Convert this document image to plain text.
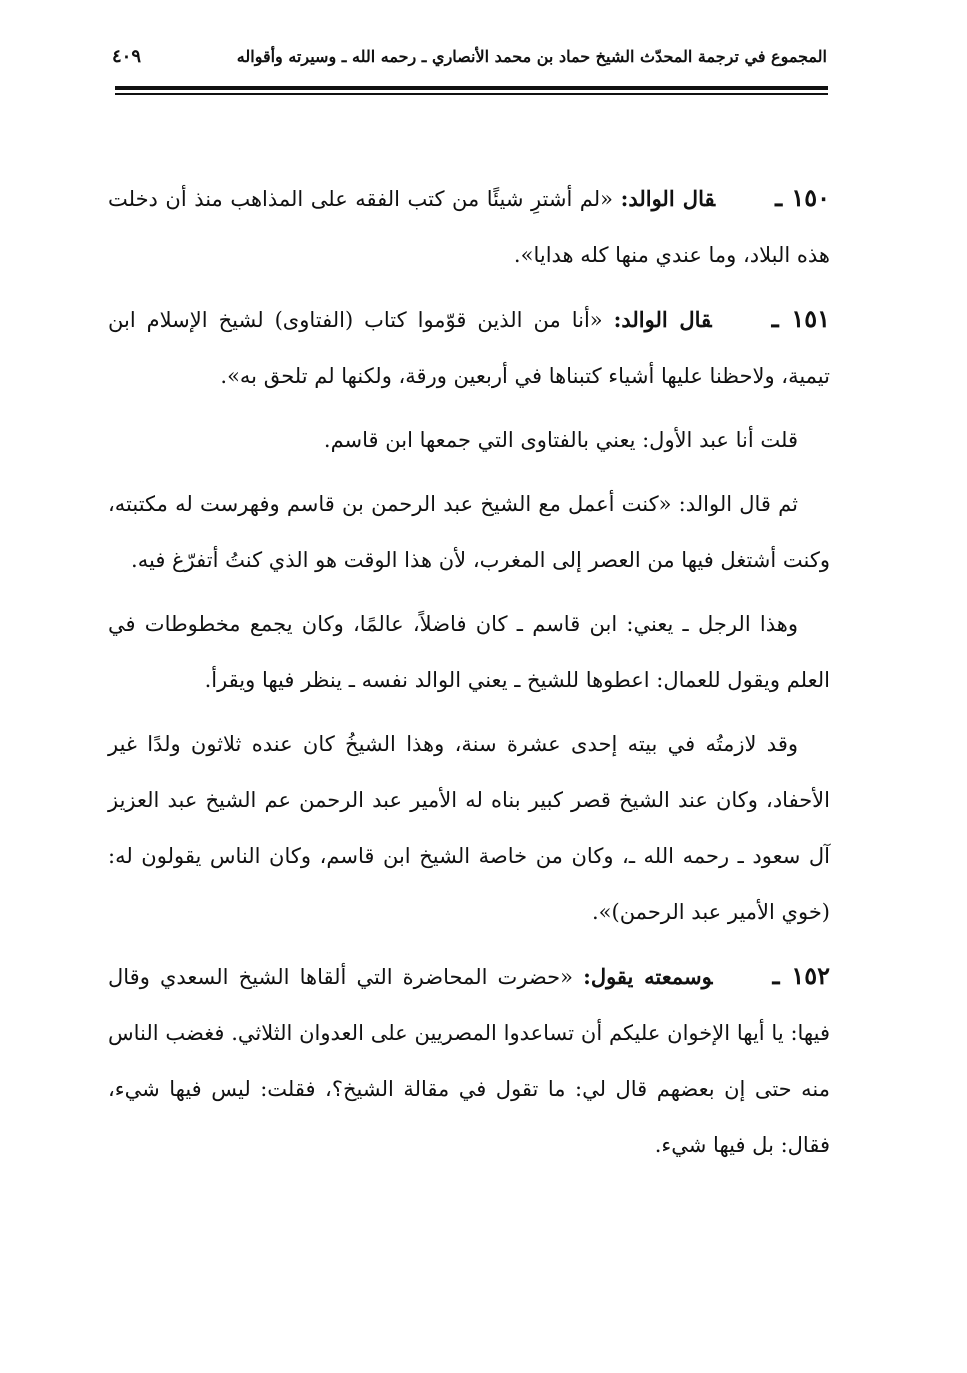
المجموع في ترجمة المحدّث الشيخ حماد بن محمد الأنصاري ـ رحمه الله ـ وسيرته وأقواله
٤٠٩

١٥٠ ـقال الوالد: «لم أشترِ شيئًا من كتب الفقه على المذاهب منذ أن دخلت هذه البلاد، وما عندي منها كله هدايا».

١٥١ ـقال الوالد: «أنا من الذين قوّموا كتاب (الفتاوى) لشيخ الإسلام ابن تيمية، ولاحظنا عليها أشياء كتبناها في أربعين ورقة، ولكنها لم تلحق به».

قلت أنا عبد الأول: يعني بالفتاوى التي جمعها ابن قاسم.

ثم قال الوالد: «كنت أعمل مع الشيخ عبد الرحمن بن قاسم وفهرست له مكتبته، وكنت أشتغل فيها من العصر إلى المغرب، لأن هذا الوقت هو الذي كنتُ أتفرّغ فيه.

وهذا الرجل ـ يعني: ابن قاسم ـ كان فاضلاً، عالمًا، وكان يجمع مخطوطات في العلم ويقول للعمال: اعطوها للشيخ ـ يعني الوالد نفسه ـ ينظر فيها ويقرأ.

وقد لازمتُه في بيته إحدى عشرة سنة، وهذا الشيخُ كان عنده ثلاثون ولدًا غير الأحفاد، وكان عند الشيخ قصر كبير بناه له الأمير عبد الرحمن عم الشيخ عبد العزيز آل سعود ـ رحمه الله ـ، وكان من خاصة الشيخ ابن قاسم، وكان الناس يقولون له: (خوي الأمير عبد الرحمن)».

١٥٢ ـوسمعته يقول: «حضرت المحاضرة التي ألقاها الشيخ السعدي وقال فيها: يا أيها الإخوان عليكم أن تساعدوا المصريين على العدوان الثلاثي. فغضب الناس منه حتى إن بعضهم قال لي: ما تقول في مقالة الشيخ؟، فقلت: ليس فيها شيء، فقال: بل فيها شيء.
